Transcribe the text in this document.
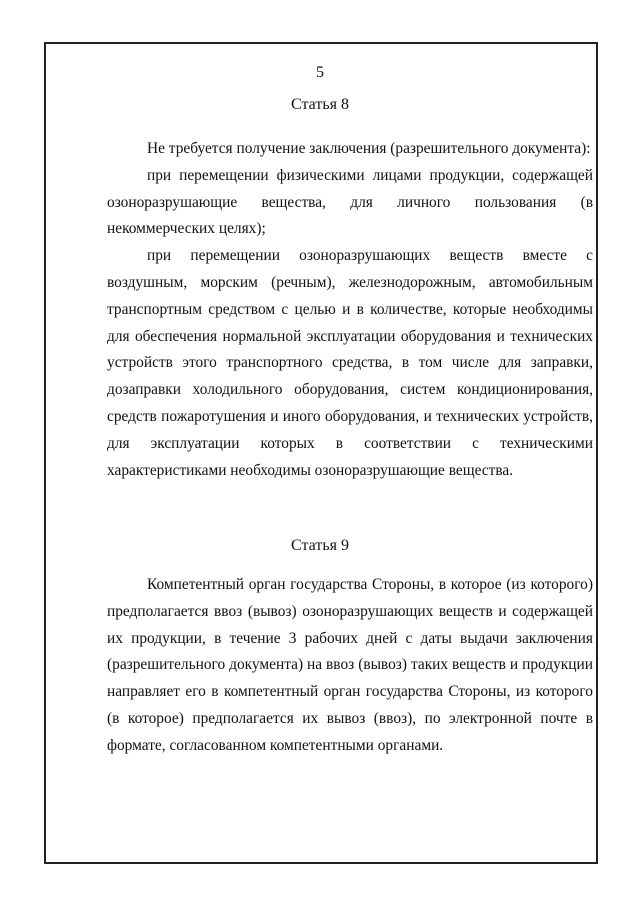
5
Статья 8

Не требуется получение заключения (разрешительного документа):

при перемещении физическими лицами продукции, содержащей озоноразрушающие вещества, для личного пользования (в некоммерческих целях);

при перемещении озоноразрушающих веществ вместе с воздушным, морским (речным), железнодорожным, автомобильным транспортным средством с целью и в количестве, которые необходимы для обеспечения нормальной эксплуатации оборудования и технических устройств этого транспортного средства, в том числе для заправки, дозаправки холодильного оборудования, систем кондиционирования, средств пожаротушения и иного оборудования, и технических устройств, для эксплуатации которых в соответствии с техническими характеристиками необходимы озоноразрушающие вещества.

Статья 9

Компетентный орган государства Стороны, в которое (из которого) предполагается ввоз (вывоз) озоноразрушающих веществ и содержащей их продукции, в течение 3 рабочих дней с даты выдачи заключения (разрешительного документа) на ввоз (вывоз) таких веществ и продукции направляет его в компетентный орган государства Стороны, из которого (в которое) предполагается их вывоз (ввоз), по электронной почте в формате, согласованном компетентными органами.
